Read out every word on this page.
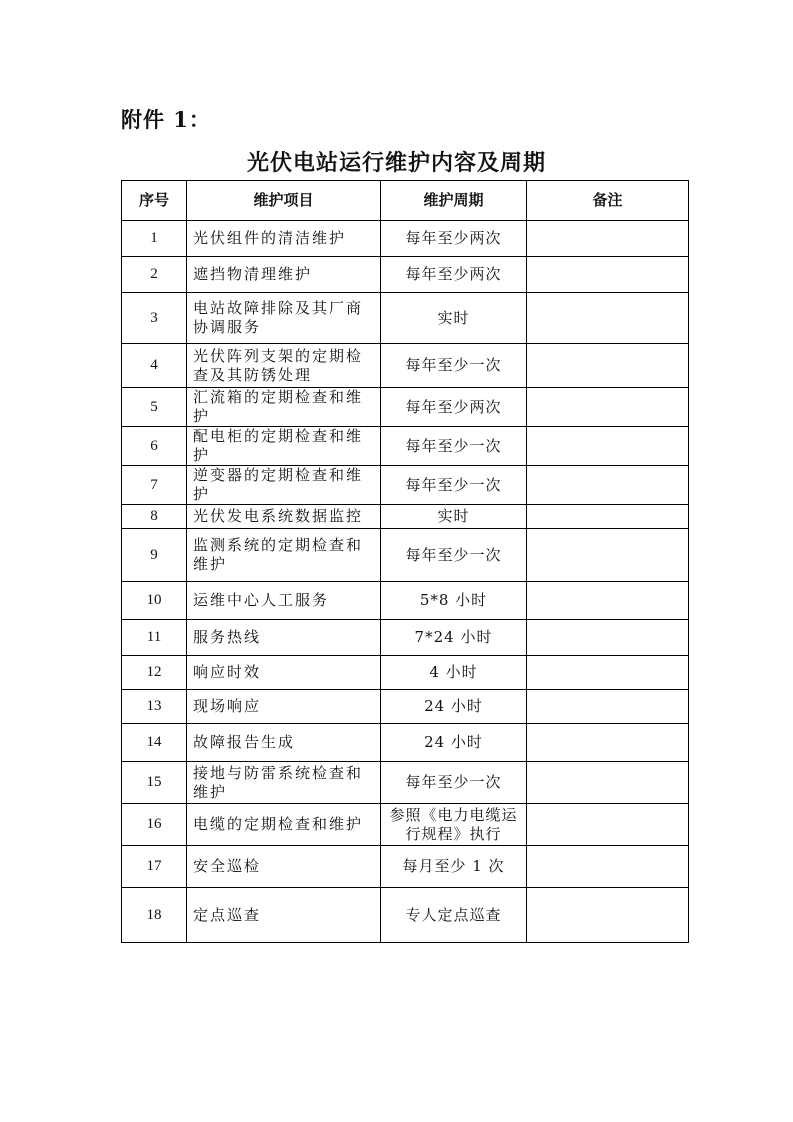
附件 1：
光伏电站运行维护内容及周期
序号	维护项目	维护周期	备注
1	光伏组件的清洁维护	每年至少两次	
2	遮挡物清理维护	每年至少两次	
3	电站故障排除及其厂商协调服务	实时	
4	光伏阵列支架的定期检查及其防锈处理	每年至少一次	
5	汇流箱的定期检查和维护	每年至少两次	
6	配电柜的定期检查和维护	每年至少一次	
7	逆变器的定期检查和维护	每年至少一次	
8	光伏发电系统数据监控	实时	
9	监测系统的定期检查和维护	每年至少一次	
10	运维中心人工服务	5*8 小时	
11	服务热线	7*24 小时	
12	响应时效	4 小时	
13	现场响应	24 小时	
14	故障报告生成	24 小时	
15	接地与防雷系统检查和维护	每年至少一次	
16	电缆的定期检查和维护	参照《电力电缆运行规程》执行	
17	安全巡检	每月至少 1 次	
18	定点巡查	专人定点巡查	
